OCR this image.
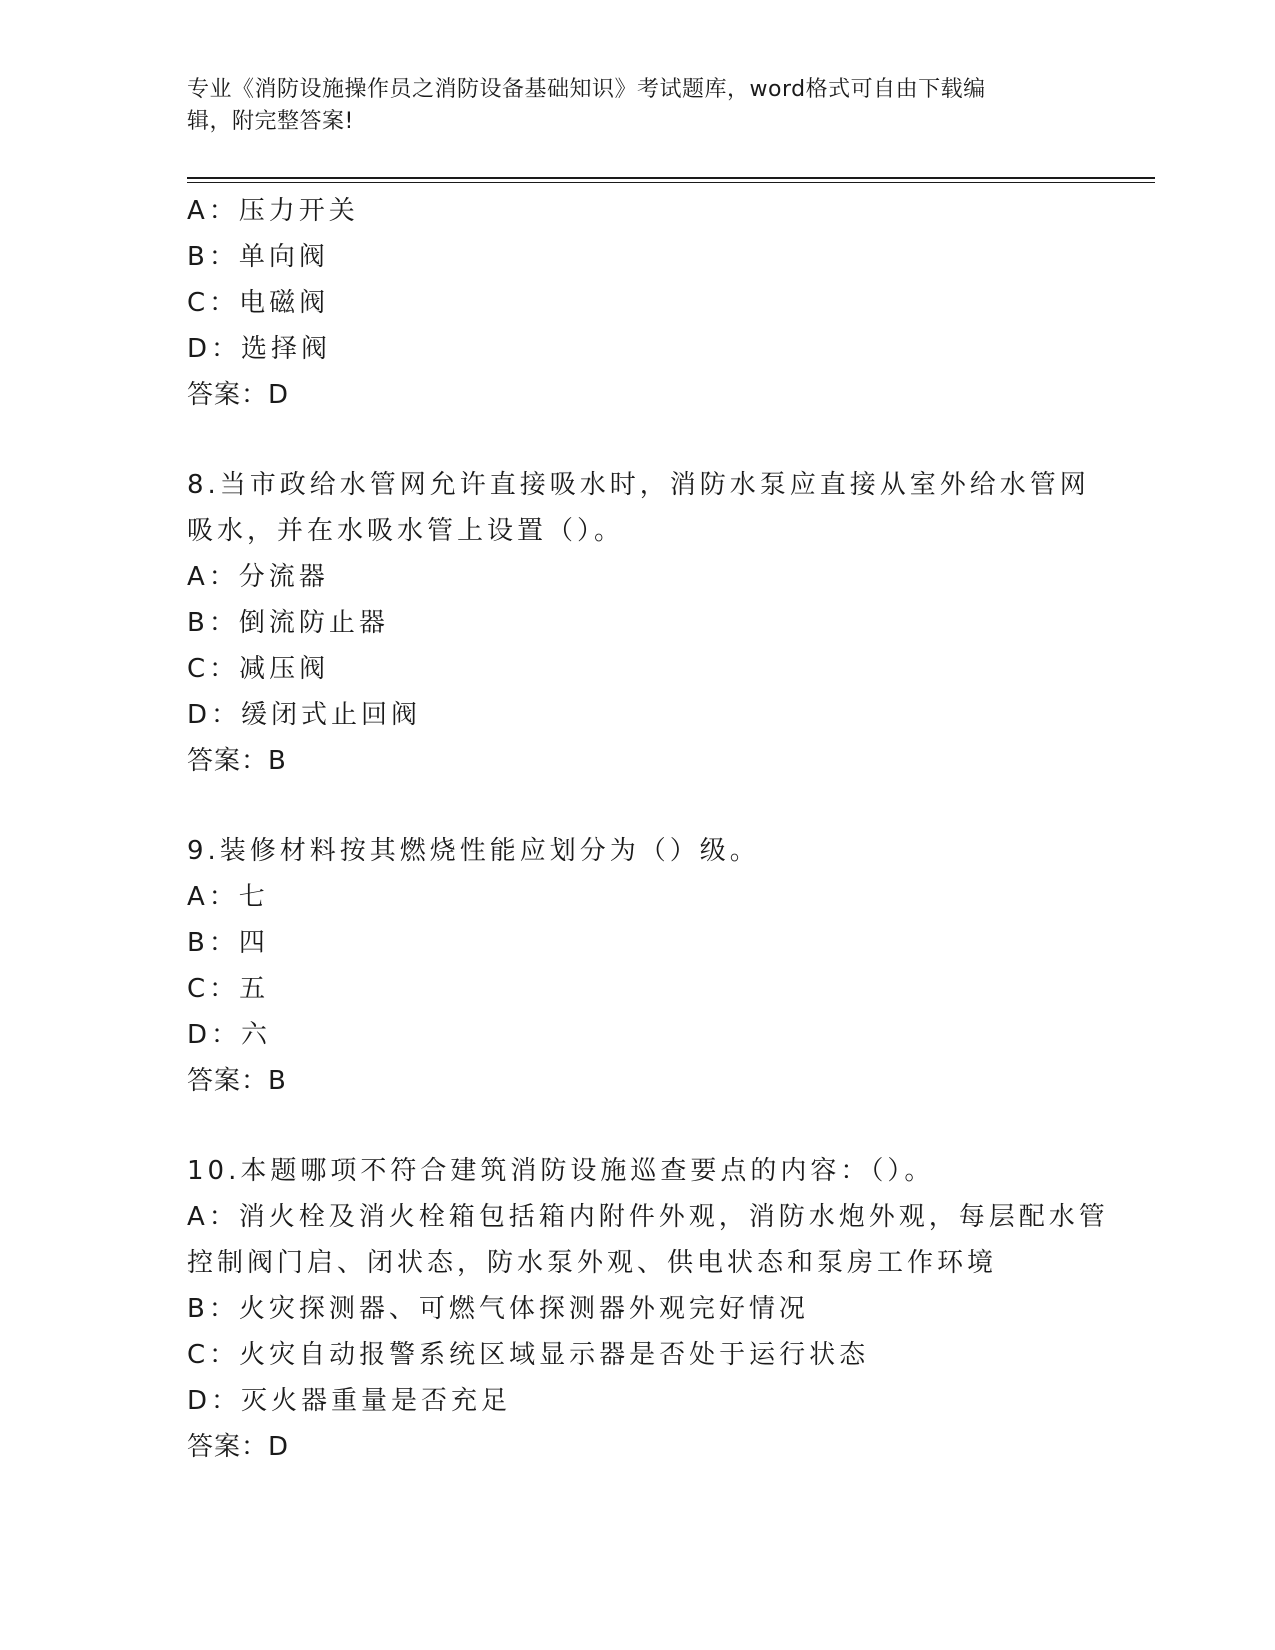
专业《消防设施操作员之消防设备基础知识》考试题库，word格式可自由下载编
辑，附完整答案!
A：压力开关
B：单向阀
C：电磁阀
D：选择阀
答案：D
8.当市政给水管网允许直接吸水时，消防水泵应直接从室外给水管网
吸水，并在水吸水管上设置（）。
A：分流器
B：倒流防止器
C：减压阀
D：缓闭式止回阀
答案：B
9.装修材料按其燃烧性能应划分为（）级。
A：七
B：四
C：五
D：六
答案：B
10.本题哪项不符合建筑消防设施巡查要点的内容：（）。
A：消火栓及消火栓箱包括箱内附件外观，消防水炮外观，每层配水管
控制阀门启、闭状态，防水泵外观、供电状态和泵房工作环境
B：火灾探测器、可燃气体探测器外观完好情况
C：火灾自动报警系统区域显示器是否处于运行状态
D：灭火器重量是否充足
答案：D
